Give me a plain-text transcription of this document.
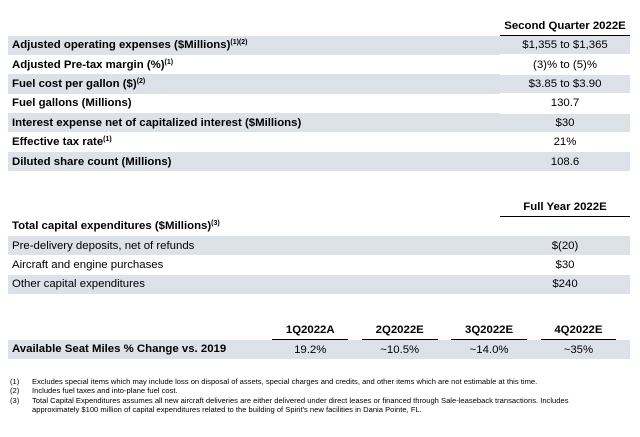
	Second Quarter 2022E
Adjusted operating expenses ($Millions)$^{(1)(2)}$	$1,355 to $1,365
Adjusted Pre-tax margin (%)$^{(1)}$	(3)% to (5)%
Fuel cost per gallon ($)$^{(2)}$	$3.85 to $3.90
Fuel gallons (Millions)	130.7
Interest expense net of capitalized interest ($Millions)	$30
Effective tax rate$^{(1)}$	21%
Diluted share count (Millions)	108.6
	Full Year 2022E
Total capital expenditures ($Millions)$^{(3)}$	
Pre-delivery deposits, net of refunds	$(20)
Aircraft and engine purchases	$30
Other capital expenditures	$240
	1Q2022A		2Q2022E		3Q2022E		4Q2022E	
Available Seat Miles % Change vs. 2019	19.2%		~10.5%		~14.0%		~35%	
(1)	Excludes special items which may include loss on disposal of assets, special charges and credits, and other items which are not estimable at this time.
(2)	Includes fuel taxes and into-plane fuel cost.
(3)	Total Capital Expenditures assumes all new aircraft deliveries are either delivered under direct leases or financed through Sale-leaseback transactions. Includes approximately $100 million of capital expenditures related to the building of Spirit's new facilities in Dania Pointe, FL.
